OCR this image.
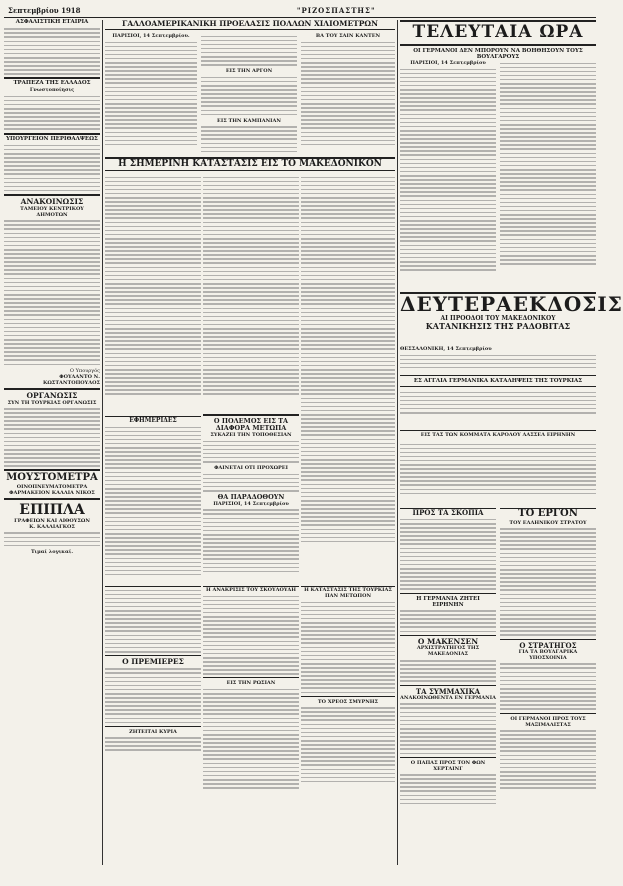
Σεπτεμβρίου 1918	"ΡΙΖΟΣΠΑΣΤΗΣ"
ΑΣΦΑΛΙΣΤΙΚΗ ΕΤΑΙΡΙΑ
ΤΡΑΠΕΖΑ ΤΗΣ ΕΛΛΑΔΟΣ
Γνωστοποίησις
ΥΠΟΥΡΓΕΙΟΝ ΠΕΡΙΘΑΛΨΕΩΣ
ΑΝΑΚΟΙΝΩΣΙΣ
ΤΑΜΕΙΟΥ ΚΕΝΤΡΙΚΟΥ ΔΗΜΟΤΩΝ
Ο Υπουργός
ΦΟΥΛΑΝΤΟ Ν. ΚΩΣΤΑΝΤΟΠΟΥΛΟΣ
ΟΡΓΑΝΩΣΙΣ
ΣΥΝ ΤΗ ΤΟΥΡΚΙΑΣ ΟΡΓΑΝΩΣΙΣ
ΜΟΥΣΤΟΜΕΤΡΑ
ΟΙΝΟΠΝΕΥΜΑΤΟΜΕΤΡΑ
ΦΑΡΜΑΚΕΙΟΝ ΚΑΛΛΙΑ ΝΙΚΟΣ
ΕΠΙΠΛΑ
ΓΡΑΦΕΙΩΝ ΚΑΙ ΑΙΘΟΥΣΩΝ
Κ. ΚΑΛΛΙΑΓΚΟΣ
Τιμαί λογικαί.
ΓΑΛΛΟΑΜΕΡΙΚΑΝΙΚΗ ΠΡΟΕΛΑΣΙΣ ΠΟΛΛΩΝ ΧΙΛΙΟΜΕΤΡΩΝ
ΠΑΡΙΣΙΟΙ, 14 Σεπτεμβρίου.
ΕΙΣ ΤΗΝ ΑΡΓΟΝ
ΕΙΣ ΤΗΝ ΚΑΜΠΑΝΙΑΝ
ΒΑ ΤΟΥ ΣΑΙΝ ΚΑΝΤΕΝ
Η ΣΗΜΕΡΙΝΗ ΚΑΤΑΣΤΑΣΙΣ ΕΙΣ ΤΟ ΜΑΚΕΔΟΝΙΚΟΝ
ΕΦΗΜΕΡΙΔΕΣ	Ο ΠΟΛΕΜΟΣ ΕΙΣ ΤΑ ΔΙΑΦΟΡΑ ΜΕΤΩΠΑ
ΣΥΚΑΖΕΙ ΤΗΝ ΤΟΠΟΘΕΣΙΑΝ
ΦΑΙΝΕΤΑΙ ΟΤΙ ΠΡΟΧΩΡΕΙ
ΘΑ ΠΑΡΑΔΟΘΟΥΝ
ΠΑΡΙΣΙΟΙ, 14 Σεπτεμβρίου
Ο ΠΡΕΜΙΕΡΕΣ
ΖΗΤΕΙΤΑΙ ΚΥΡΙΑ
Η ΑΝΑΚΡΙΣΙΣ ΤΟΥ ΣΚΟΥΛΟΥΔΗ
ΕΙΣ ΤΗΝ ΡΩΣΙΑΝ
Η ΚΑΤΑΣΤΑΣΙΣ ΤΗΣ ΤΟΥΡΚΙΑΣ ΠΑΝ ΜΕΤΩΠΟΝ
ΤΟ ΧΡΕΟΣ ΣΜΥΡΝΗΣ
ΤΕΛΕΥΤΑΙΑ ΩΡΑ
ΟΙ ΓΕΡΜΑΝΟΙ ΔΕΝ ΜΠΟΡΟΥΝ ΝΑ ΒΟΗΘΗΣΟΥΝ ΤΟΥΣ ΒΟΥΛΓΑΡΟΥΣ
ΠΑΡΙΣΙΟΙ, 14 Σεπτεμβρίου
ΔΕΥΤΕΡΑΕΚΔΟΣΙΣ
ΑΙ ΠΡΟΟΔΟΙ ΤΟΥ ΜΑΚΕΔΟΝΙΚΟΥ
ΚΑΤΑΝΙΚΗΣΙΣ ΤΗΣ ΡΑΔΟΒΙΤΑΣ
ΘΕΣΣΑΛΟΝΙΚΗ, 14 Σεπτεμβρίου
ΕΣ ΑΓΓΛΙΑ ΓΕΡΜΑΝΙΚΑ ΚΑΤΑΛΗΨΕΙΣ ΤΗΣ ΤΟΥΡΚΙΑΣ
ΕΙΣ ΤΑΣ ΤΩΝ ΚΟΜΜΑΤΑ ΚΑΡΟΛΟΥ ΛΑΣΣΕΛ ΕΙΡΗΝΗΝ
ΠΡΟΣ ΤΑ ΣΚΟΠΙΑ
Η ΓΕΡΜΑΝΙΑ ΖΗΤΕΙ ΕΙΡΗΝΗΝ
Ο ΜΑΚΕΝΣΕΝ
ΑΡΧΙΣΤΡΑΤΗΓΟΣ ΤΗΣ ΜΑΚΕΔΟΝΙΑΣ
ΤΑ ΣΥΜΜΑΧΙΚΑ
ΑΝΑΚΟΙΝΩΘΕΝΤΑ ΕΝ ΓΕΡΜΑΝΙΑ
Ο ΠΑΠΑΣ ΠΡΟΣ ΤΟΝ ΦΩΝ ΧΕΡΤΛΙΝΓ
ΤΟ ΕΡΓΟΝ
ΤΟΥ ΕΛΛΗΝΙΚΟΥ ΣΤΡΑΤΟΥ
Ο ΣΤΡΑΤΗΓΟΣ
ΓΙΑ ΤΑ ΒΟΥΛΓΑΡΙΚΑ ΥΠΟΣΧΟΙΝΙΑ
ΟΙ ΓΕΡΜΑΝΟΙ ΠΡΟΣ ΤΟΥΣ ΜΑΞΙΜΑΛΙΣΤΑΣ
